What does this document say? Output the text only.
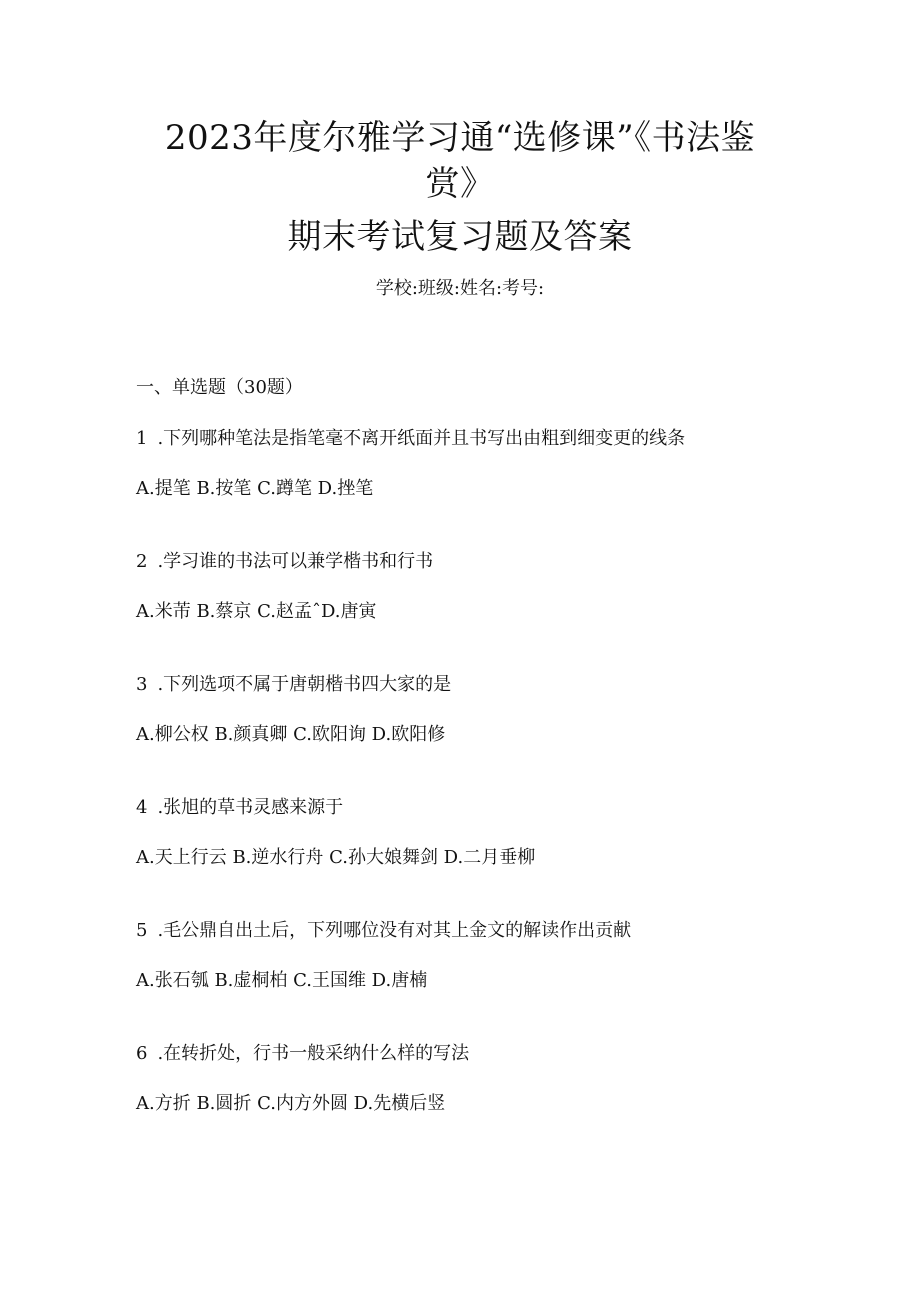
2023年度尔雅学习通“选修课”《书法鉴
赏》
期末考试复习题及答案
学校:班级:姓名:考号:
一、单选题（30题）
1 .下列哪种笔法是指笔毫不离开纸面并且书写出由粗到细变更的线条
A.提笔 B.按笔 C.蹲笔 D.挫笔
2 .学习谁的书法可以兼学楷书和行书
A.米芾 B.蔡京 C.赵孟ˆD.唐寅
3 .下列选项不属于唐朝楷书四大家的是
A.柳公权 B.颜真卿 C.欧阳询 D.欧阳修
4 .张旭的草书灵感来源于
A.天上行云 B.逆水行舟 C.孙大娘舞剑 D.二月垂柳
5 .毛公鼎自出土后，下列哪位没有对其上金文的解读作出贡献
A.张石瓠 B.虚桐柏 C.王国维 D.唐楠
6 .在转折处，行书一般采纳什么样的写法
A.方折 B.圆折 C.内方外圆 D.先横后竖
